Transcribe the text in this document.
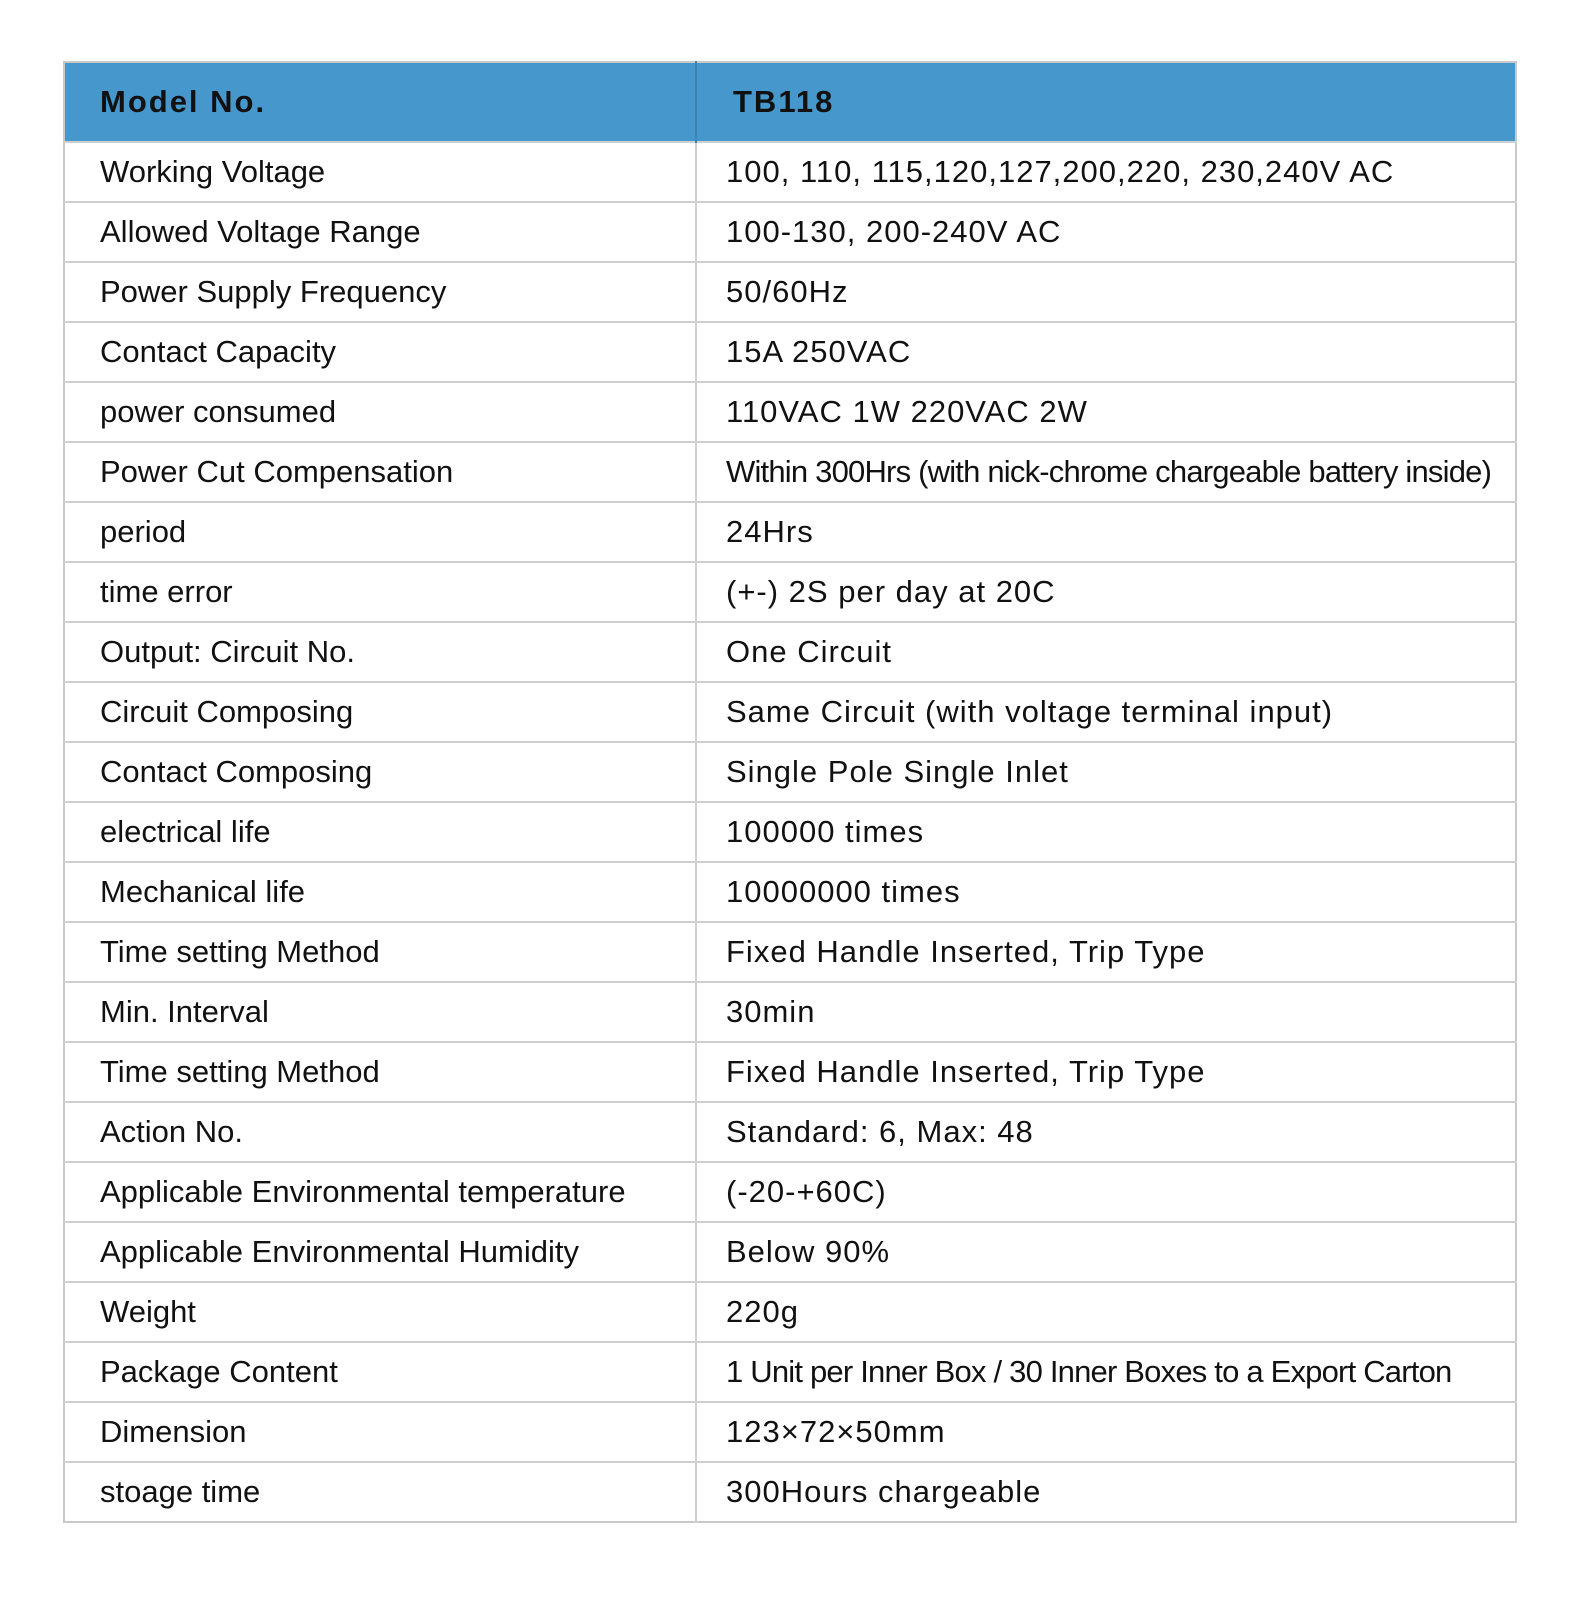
Model No.	TB118
Working Voltage	100, 110, 115,120,127,200,220, 230,240V AC
Allowed Voltage Range	100-130, 200-240V AC
Power Supply Frequency	50/60Hz
Contact Capacity	15A 250VAC
power consumed	110VAC 1W 220VAC 2W
Power Cut Compensation	Within 300Hrs (with nick-chrome chargeable battery inside)
period	24Hrs
time error	(+-) 2S per day at 20C
Output: Circuit No.	One Circuit
Circuit Composing	Same Circuit (with voltage terminal input)
Contact Composing	Single Pole Single Inlet
electrical life	100000 times
Mechanical life	10000000 times
Time setting Method	Fixed Handle Inserted, Trip Type
Min. Interval	30min
Time setting Method	Fixed Handle Inserted, Trip Type
Action No.	Standard: 6, Max: 48
Applicable Environmental temperature	(-20-+60C)
Applicable Environmental Humidity	Below 90%
Weight	220g
Package Content	1 Unit per Inner Box / 30 Inner Boxes to a Export Carton
Dimension	123×72×50mm
stoage time	300Hours chargeable
